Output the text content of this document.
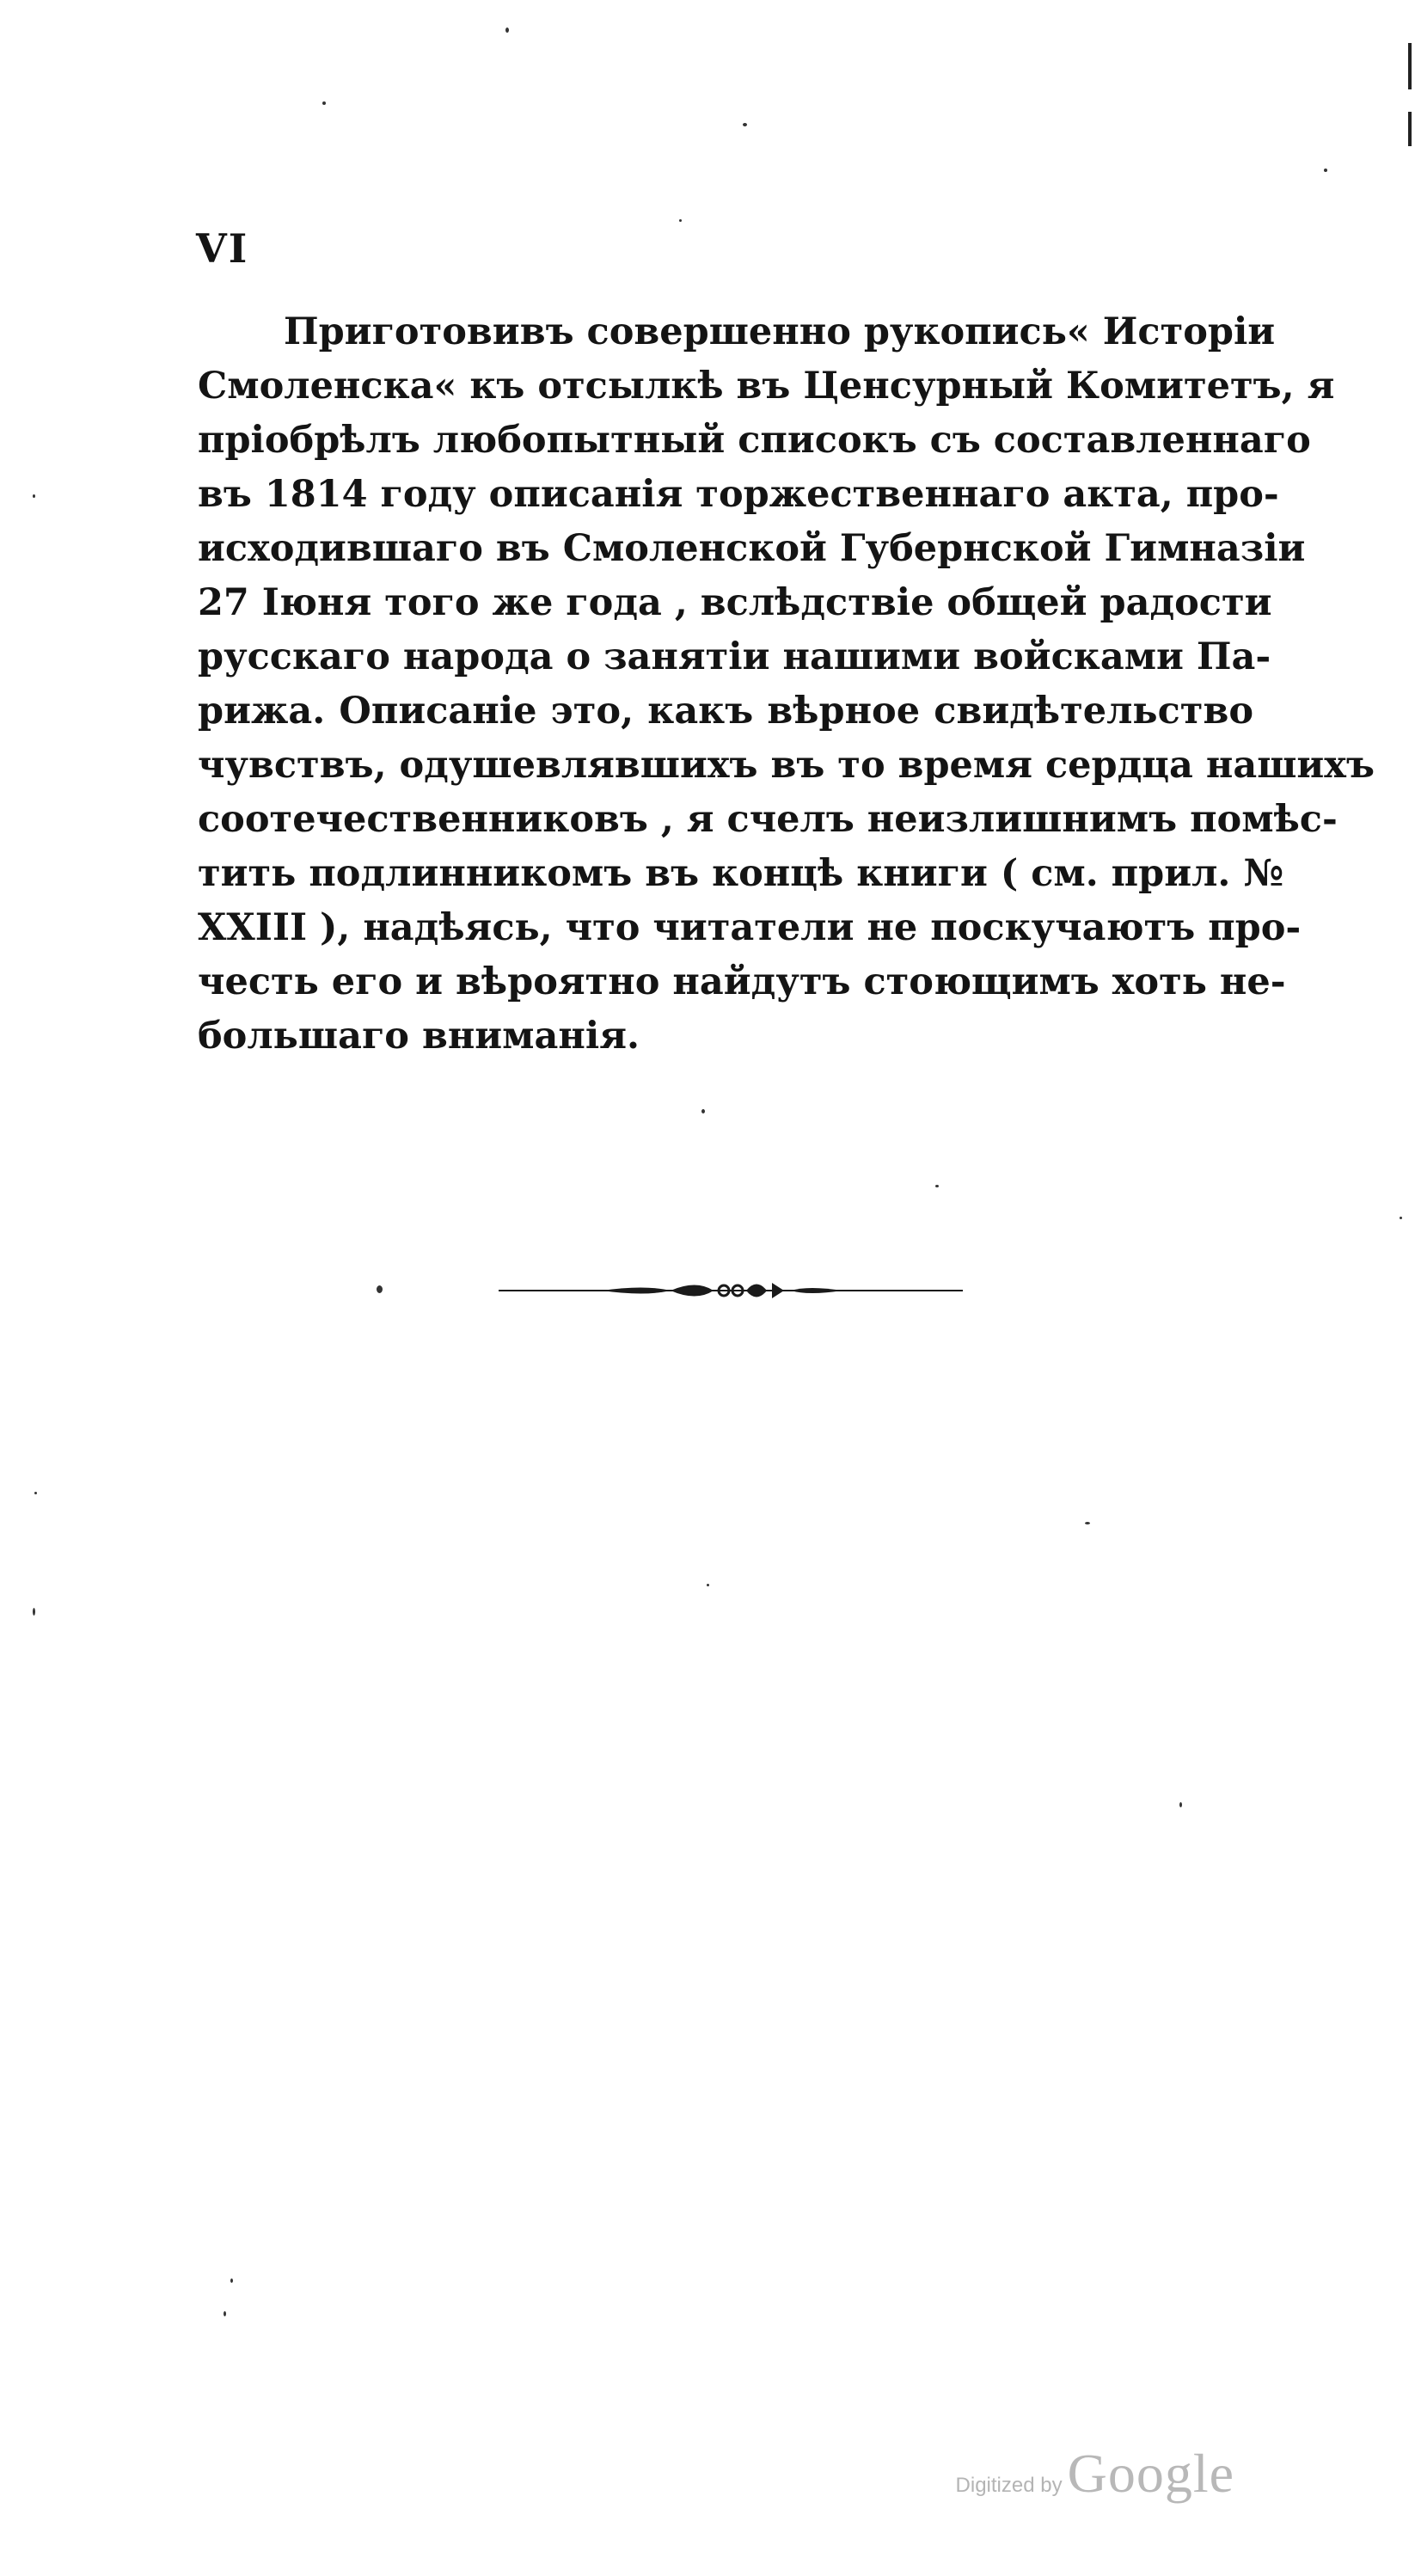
VI
Приготовивъ совершенно рукопись« Исторіи
Смоленска« къ отсылкѣ въ Ценсурный Комитетъ, я
пріобрѣлъ любопытный списокъ съ составленнаго
въ 1814 году описанія торжественнаго акта, про-
исходившаго въ Смоленской Губернской Гимназіи
27 Іюня того же года , вслѣдствіе общей радости
русскаго народа о занятіи нашими войсками Па-
рижа. Описаніе это, какъ вѣрное свидѣтельство
чувствъ, одушевлявшихъ въ то время сердца нашихъ
соотечественниковъ , я счелъ неизлишнимъ помѣс-
тить подлинникомъ въ концѣ книги ( см. прил. №
XXIII ), надѣясь, что читатели не поскучаютъ про-
честь его и вѣроятно найдутъ стоющимъ хоть не-
большаго вниманія.
Digitized by Google
